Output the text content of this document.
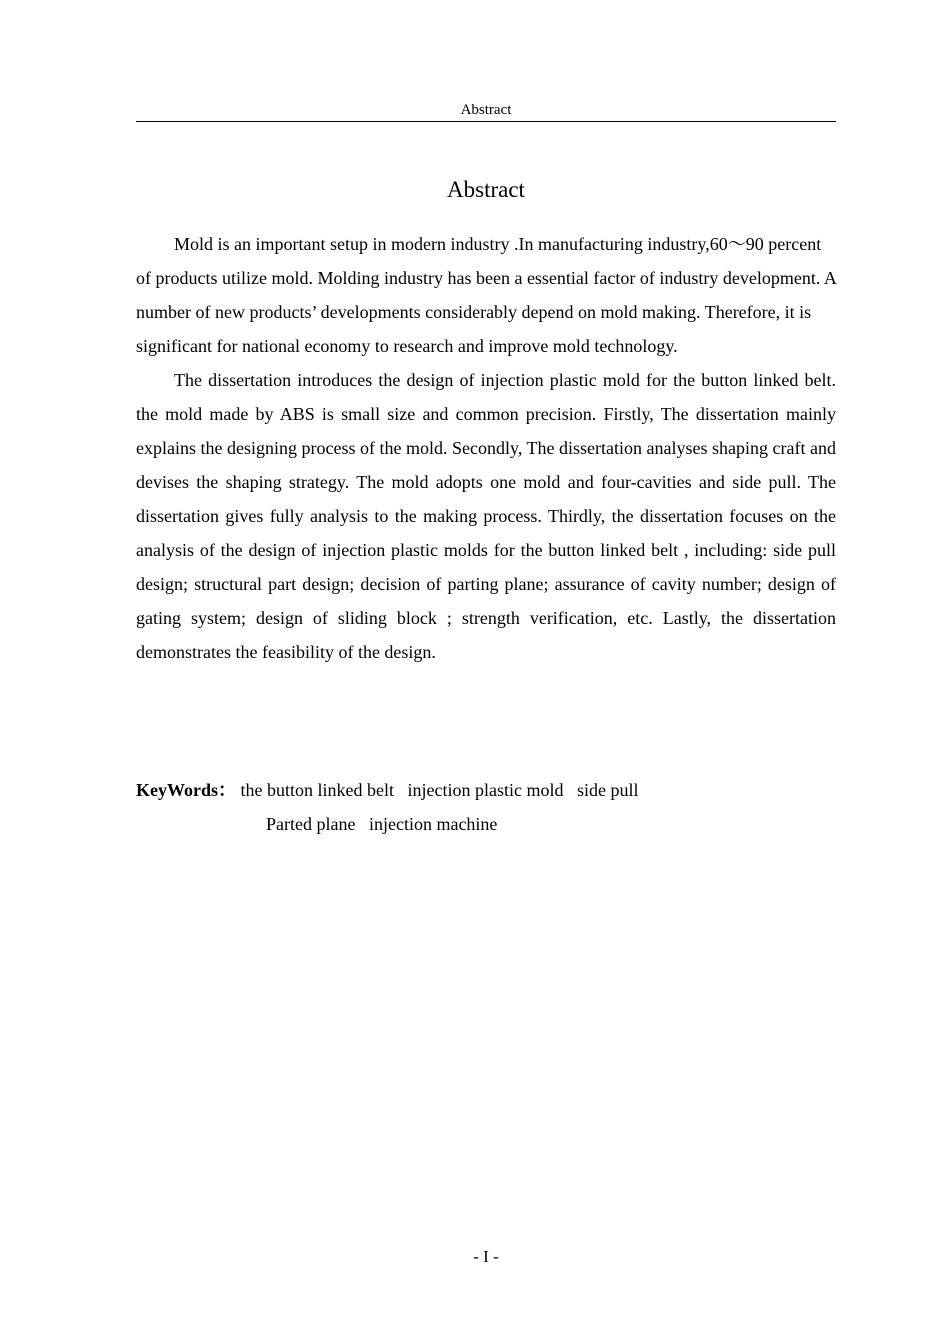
Abstract
Abstract

Mold is an important setup in modern industry .In manufacturing industry,60～90 percent of products utilize mold. Molding industry has been a essential factor of industry development. A number of new products’ developments considerably depend on mold making. Therefore, it is significant for national economy to research and improve mold technology.

The dissertation introduces the design of injection plastic mold for the button linked belt. the mold made by ABS is small size and common precision. Firstly, The dissertation mainly explains the designing process of the mold. Secondly, The dissertation analyses shaping craft and devises the shaping strategy. The mold adopts one mold and four-cavities and side pull. The dissertation gives fully analysis to the making process. Thirdly, the dissertation focuses on the analysis of the design of injection plastic molds for the button linked belt , including: side pull design; structural part design; decision of parting plane; assurance of cavity number; design of gating system; design of sliding block ; strength verification, etc. Lastly, the dissertation demonstrates the feasibility of the design.

KeyWords： the button linked belt injection plastic mold side pull
Parted plane injection machine
- I -
